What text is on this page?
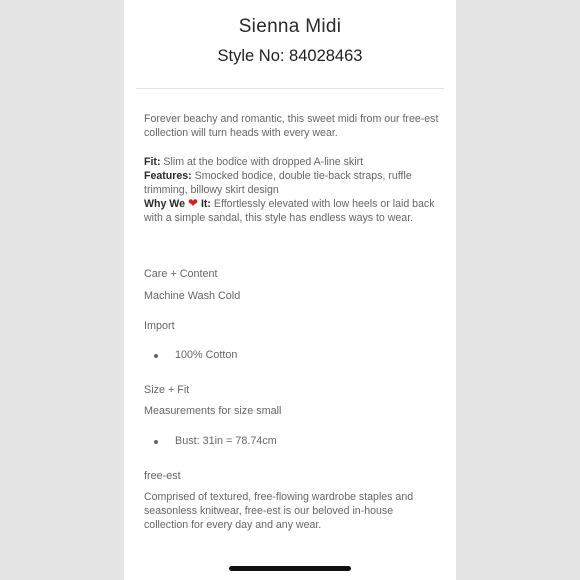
Sienna Midi
Style No: 84028463
Forever beachy and romantic, this sweet midi from our free-est collection will turn heads with every wear.
Fit: Slim at the bodice with dropped A-line skirt
Features: Smocked bodice, double tie-back straps, ruffle trimming, billowy skirt design
Why We ❤ It: Effortlessly elevated with low heels or laid back with a simple sandal, this style has endless ways to wear.
Care + Content
Machine Wash Cold
Import
100% Cotton
Size + Fit
Measurements for size small
Bust: 31in = 78.74cm
free-est
Comprised of textured, free-flowing wardrobe staples and seasonless knitwear, free-est is our beloved in-house collection for every day and any wear.
